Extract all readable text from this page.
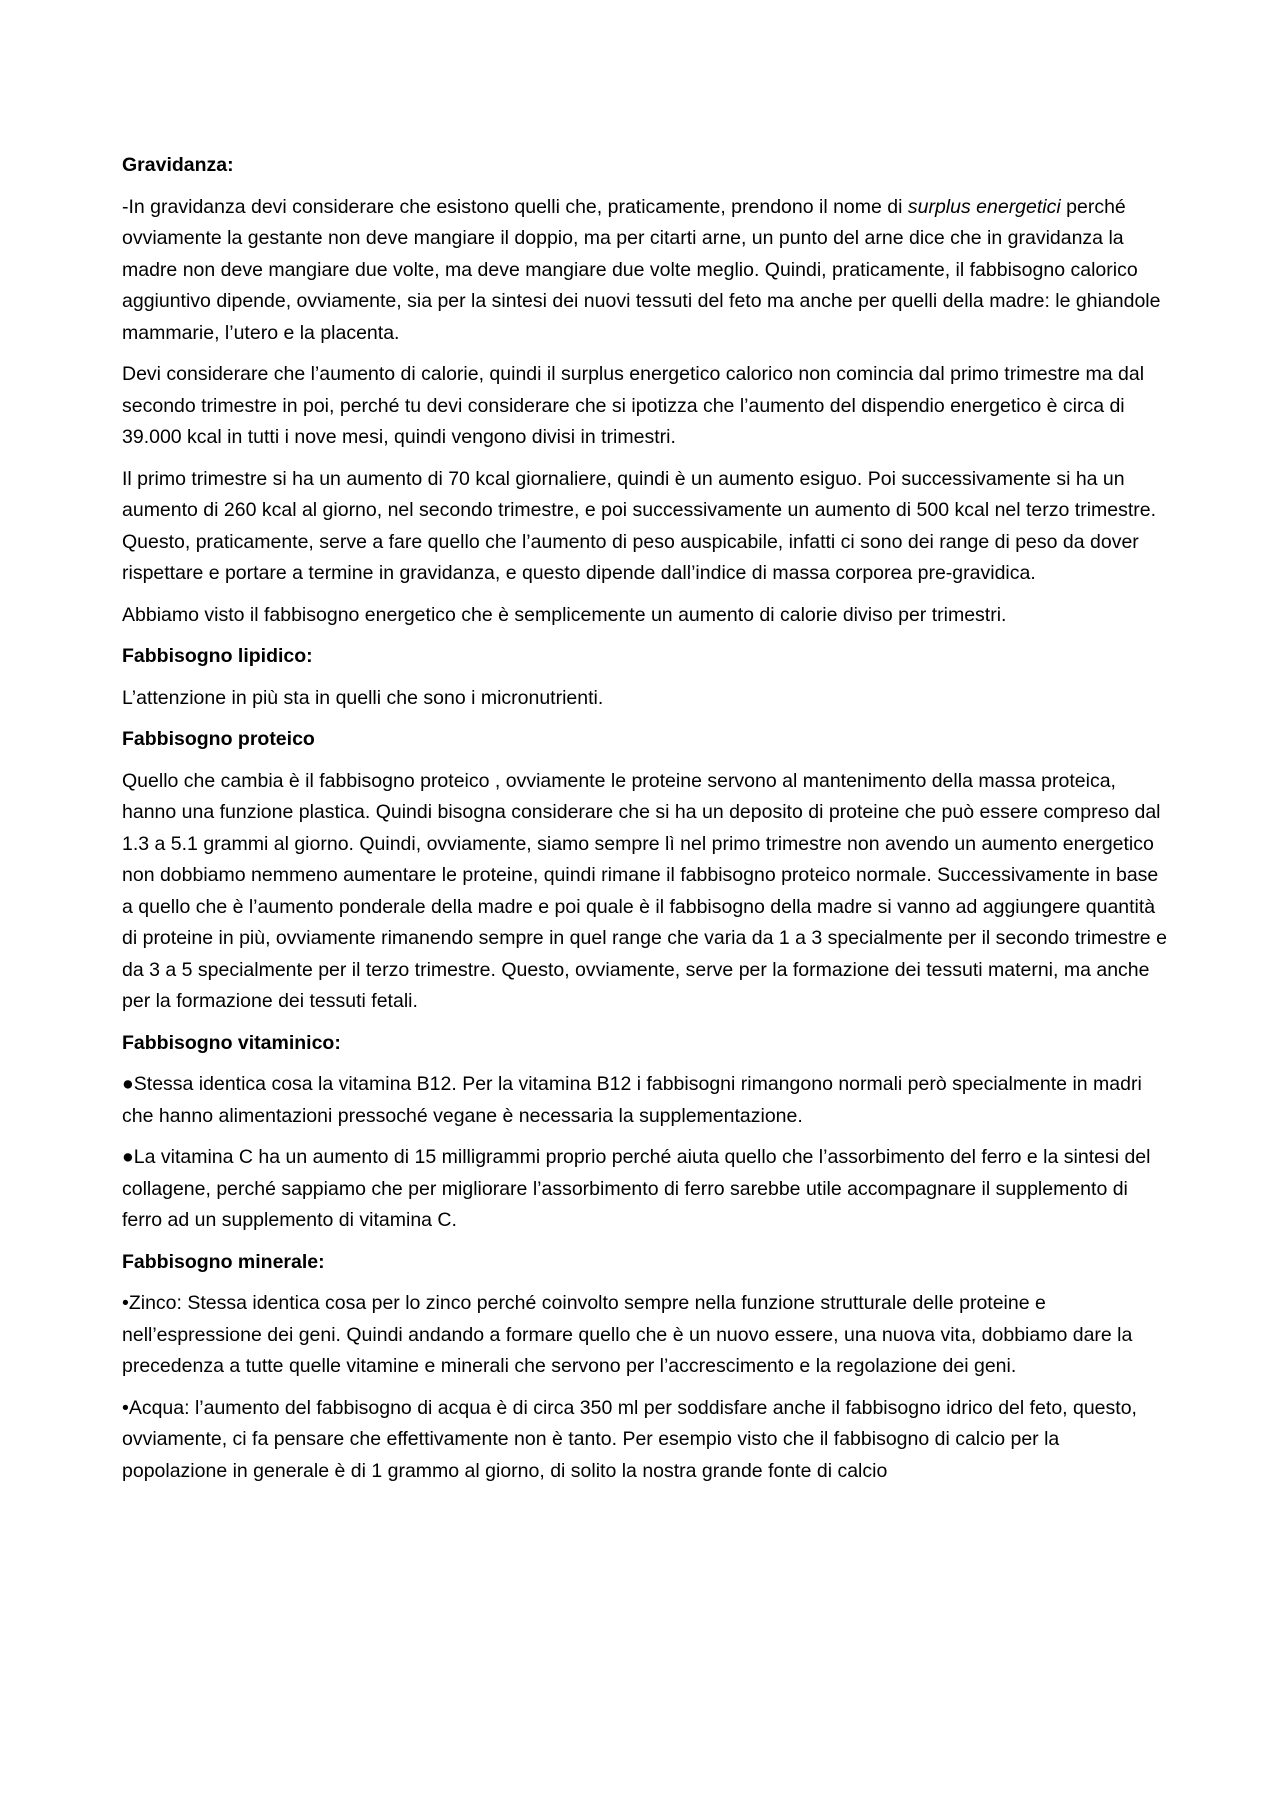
Gravidanza:

-In gravidanza devi considerare che esistono quelli che, praticamente, prendono il nome di surplus energetici perché ovviamente la gestante non deve mangiare il doppio, ma per citarti arne, un punto del arne dice che in gravidanza la madre non deve mangiare due volte, ma deve mangiare due volte meglio. Quindi, praticamente, il fabbisogno calorico aggiuntivo dipende, ovviamente, sia per la sintesi dei nuovi tessuti del feto ma anche per quelli della madre: le ghiandole mammarie, l’utero e la placenta.

Devi considerare che l’aumento di calorie, quindi il surplus energetico calorico non comincia dal primo trimestre ma dal secondo trimestre in poi, perché tu devi considerare che si ipotizza che l’aumento del dispendio energetico è circa di 39.000 kcal in tutti i nove mesi, quindi vengono divisi in trimestri.

Il primo trimestre si ha un aumento di 70 kcal giornaliere, quindi è un aumento esiguo. Poi successivamente si ha un aumento di 260 kcal al giorno, nel secondo trimestre, e poi successivamente un aumento di 500 kcal nel terzo trimestre. Questo, praticamente, serve a fare quello che l’aumento di peso auspicabile, infatti ci sono dei range di peso da dover rispettare e portare a termine in gravidanza, e questo dipende dall’indice di massa corporea pre-gravidica.

Abbiamo visto il fabbisogno energetico che è semplicemente un aumento di calorie diviso per trimestri.

Fabbisogno lipidico:

L’attenzione in più sta in quelli che sono i micronutrienti.

Fabbisogno proteico

Quello che cambia è il fabbisogno proteico , ovviamente le proteine servono al mantenimento della massa proteica, hanno una funzione plastica. Quindi bisogna considerare che si ha un deposito di proteine che può essere compreso dal 1.3 a 5.1 grammi al giorno. Quindi, ovviamente, siamo sempre lì nel primo trimestre non avendo un aumento energetico non dobbiamo nemmeno aumentare le proteine, quindi rimane il fabbisogno proteico normale. Successivamente in base a quello che è l’aumento ponderale della madre e poi quale è il fabbisogno della madre si vanno ad aggiungere quantità di proteine in più, ovviamente rimanendo sempre in quel range che varia da 1 a 3 specialmente per il secondo trimestre e da 3 a 5 specialmente per il terzo trimestre. Questo, ovviamente, serve per la formazione dei tessuti materni, ma anche per la formazione dei tessuti fetali.

Fabbisogno vitaminico:

●Stessa identica cosa la vitamina B12. Per la vitamina B12 i fabbisogni rimangono normali però specialmente in madri che hanno alimentazioni pressoché vegane è necessaria la supplementazione.

●La vitamina C ha un aumento di 15 milligrammi proprio perché aiuta quello che l’assorbimento del ferro e la sintesi del collagene, perché sappiamo che per migliorare l’assorbimento di ferro sarebbe utile accompagnare il supplemento di ferro ad un supplemento di vitamina C.

Fabbisogno minerale:

•Zinco: Stessa identica cosa per lo zinco perché coinvolto sempre nella funzione strutturale delle proteine e nell’espressione dei geni. Quindi andando a formare quello che è un nuovo essere, una nuova vita, dobbiamo dare la precedenza a tutte quelle vitamine e minerali che servono per l’accrescimento e la regolazione dei geni.

•Acqua: l’aumento del fabbisogno di acqua è di circa 350 ml per soddisfare anche il fabbisogno idrico del feto, questo, ovviamente, ci fa pensare che effettivamente non è tanto. Per esempio visto che il fabbisogno di calcio per la popolazione in generale è di 1 grammo al giorno, di solito la nostra grande fonte di calcio
